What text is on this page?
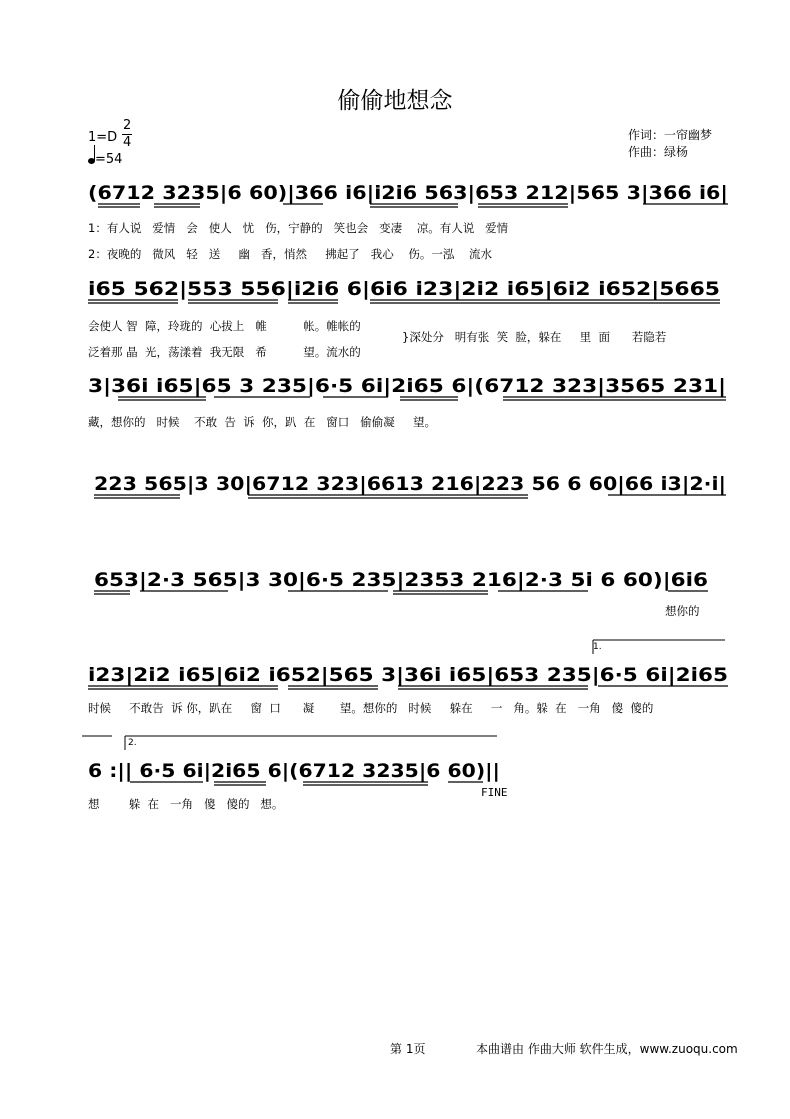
偷偷地想念
1=D
2
4
=54
作词：一帘幽梦
作曲：绿杨
(6712 3235|6 60)|366 i6|i2i6 563|653 212|565 3|366 i6|
1：有人说   爱情   会   使人   忧   伤，宁静的   笑也会   变凄    凉。有人说   爱情
2：夜晚的   微风   轻   送     幽   香，悄然     拂起了   我心    伤。一泓    流水
i65 562|553 556|i2i6 6|6i6 i23|2i2 i65|6i2 i652|5665
会使人 智  障，玲珑的  心拔上   帷          帐。帷帐的
泛着那 晶  光，荡漾着  我无限   希          望。流水的
}深处分   明有张  笑  脸，躲在     里  面      若隐若
3|36i i65|65 3 235|6·5 6i|2i65 6|(6712 323|3565 231|
藏，想你的   时候    不敢  告  诉  你，趴  在   窗口   偷偷凝     望。
223 565|3 30|6712 323|6613 216|223 56 6 60|66 i3|2·i|
653|2·3 565|3 30|6·5 235|2353 216|2·3 5i 6 60)|6i6
想你的
1.
i23|2i2 i65|6i2 i652|565 3|36i i65|653 235|6·5 6i|2i65
时候     不敢告  诉 你，趴在     窗  口      凝       望。想你的   时候     躲在     一   角。躲  在   一角   傻  傻的
2.
6 :|| 6·5 6i|2i65 6|(6712 3235|6 60)||
FINE
想        躲  在   一角   傻   傻的   想。
第 1页	本曲谱由 作曲大师 软件生成，www.zuoqu.com
